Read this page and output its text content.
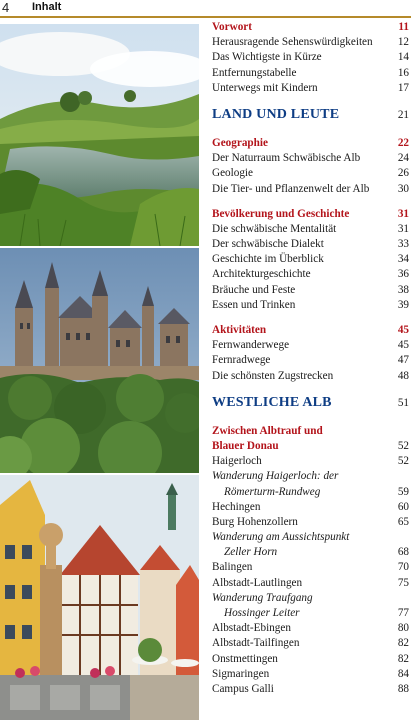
4 Inhalt
Vorwort	11
Herausragende Sehenswürdigkeiten 12
Das Wichtigste in Kürze	14
Entfernungstabelle	16
Unterwegs mit Kindern	17
LAND UND LEUTE	21
Geographie	22
Der Naturraum Schwäbische Alb	24
Geologie	26
Die Tier- und Pflanzenwelt der Alb	30
Bevölkerung und Geschichte	31
Die schwäbische Mentalität	31
Der schwäbische Dialekt	33
Geschichte im Überblick	34
Architekturgeschichte	36
Bräuche und Feste	38
Essen und Trinken	39
Aktivitäten	45
Fernwanderwege	45
Fernradwege	47
Die schönsten Zugstrecken	48
WESTLICHE ALB	51
Zwischen Albtrauf und
Blauer Donau	52
Haigerloch	52
Wanderung Haigerloch: der
Römerturm-Rundweg	59
Hechingen	60
Burg Hohenzollern	65
Wanderung am Aussichtspunkt
Zeller Horn	68
Balingen	70
Albstadt-Lautlingen	75
Wanderung Traufgang
Hossinger Leiter	77
Albstadt-Ebingen	80
Albstadt-Tailfingen	82
Onstmettingen	82
Sigmaringen	84
Campus Galli	88
